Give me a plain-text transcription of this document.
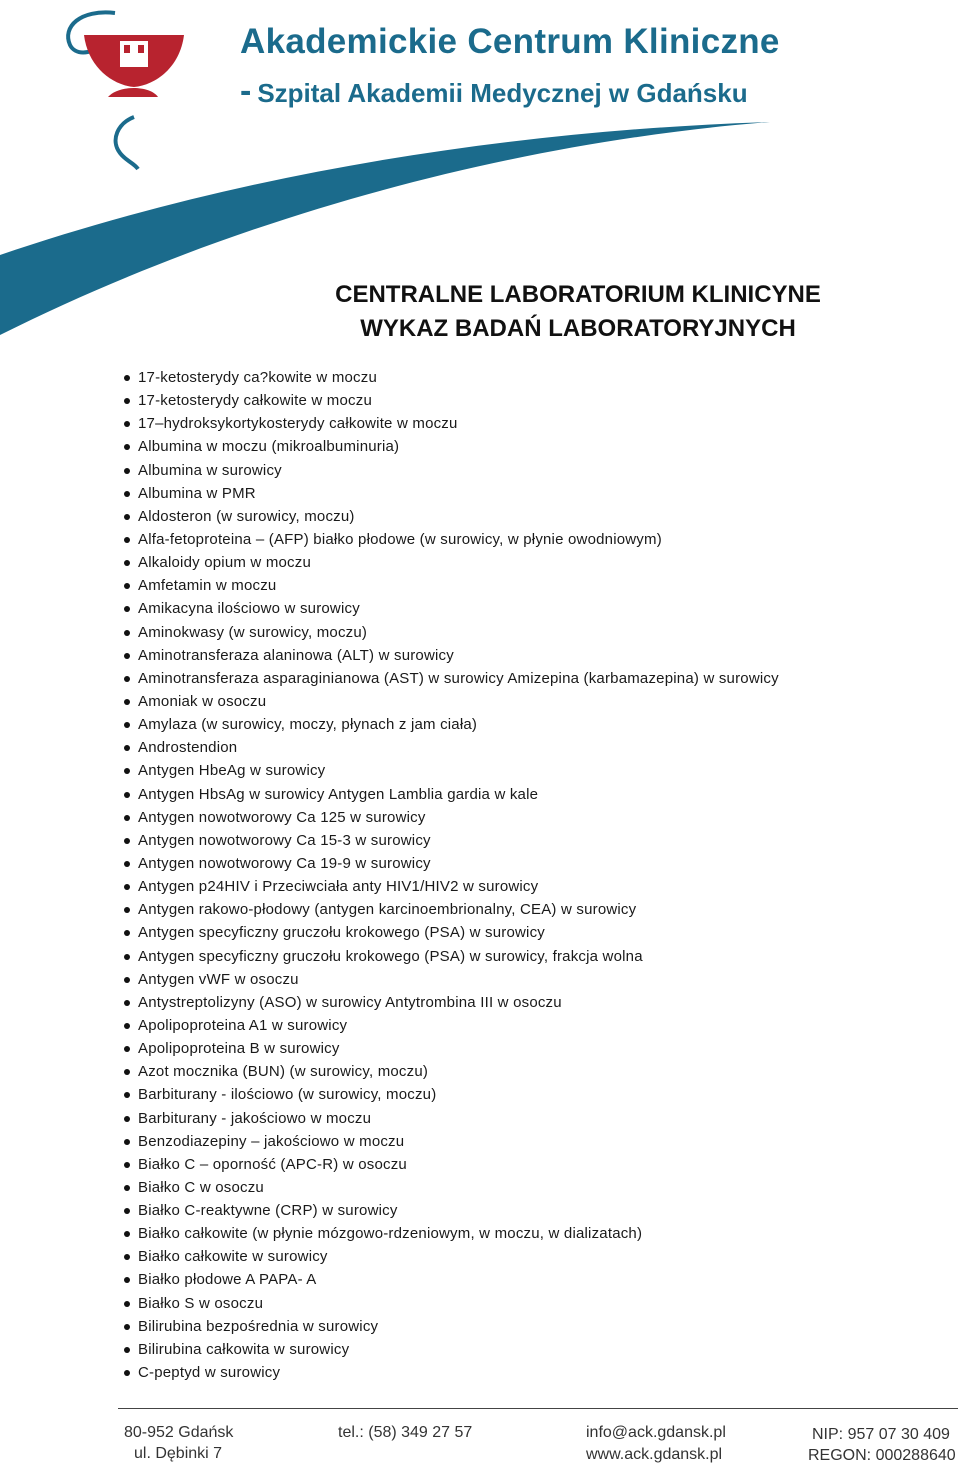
Akademickie Centrum Kliniczne
- Szpital Akademii Medycznej w Gdańsku
CENTRALNE LABORATORIUM KLINICYNE
WYKAZ BADAŃ LABORATORYJNYCH
17-ketosterydy ca?kowite w moczu
17-ketosterydy całkowite w moczu
17–hydroksykortykosterydy całkowite w moczu
Albumina w moczu (mikroalbuminuria)
Albumina w surowicy
Albumina w PMR
Aldosteron (w surowicy, moczu)
Alfa-fetoproteina – (AFP) białko płodowe (w surowicy, w płynie owodniowym)
Alkaloidy opium w moczu
Amfetamin w moczu
Amikacyna ilościowo w surowicy
Aminokwasy (w surowicy, moczu)
Aminotransferaza alaninowa (ALT) w surowicy
Aminotransferaza asparaginianowa (AST) w surowicy Amizepina (karbamazepina) w surowicy
Amoniak w osoczu
Amylaza (w surowicy, moczy, płynach z jam ciała)
Androstendion
Antygen HbeAg w surowicy
Antygen HbsAg w surowicy Antygen Lamblia gardia w kale
Antygen nowotworowy Ca 125 w surowicy
Antygen nowotworowy Ca 15-3 w surowicy
Antygen nowotworowy Ca 19-9 w surowicy
Antygen p24HIV i Przeciwciała anty HIV1/HIV2 w surowicy
Antygen rakowo-płodowy (antygen karcinoembrionalny, CEA) w surowicy
Antygen specyficzny gruczołu krokowego (PSA) w surowicy
Antygen specyficzny gruczołu krokowego (PSA) w surowicy, frakcja wolna
Antygen vWF w osoczu
Antystreptolizyny (ASO) w surowicy Antytrombina III w osoczu
Apolipoproteina A1 w surowicy
Apolipoproteina B w surowicy
Azot mocznika (BUN) (w surowicy, moczu)
Barbiturany - ilościowo (w surowicy, moczu)
Barbiturany - jakościowo w moczu
Benzodiazepiny – jakościowo w moczu
Białko C – oporność (APC-R) w osoczu
Białko C w osoczu
Białko C-reaktywne (CRP) w surowicy
Białko całkowite (w płynie mózgowo-rdzeniowym, w moczu, w dializatach)
Białko całkowite w surowicy
Białko płodowe A PAPA- A
Białko S w osoczu
Bilirubina bezpośrednia w surowicy
Bilirubina całkowita w surowicy
C-peptyd w surowicy
80-952 Gdańsk
ul. Dębinki 7
tel.: (58) 349 27 57	info@ack.gdansk.pl
www.ack.gdansk.pl
NIP: 957 07 30 409
REGON: 000288640
